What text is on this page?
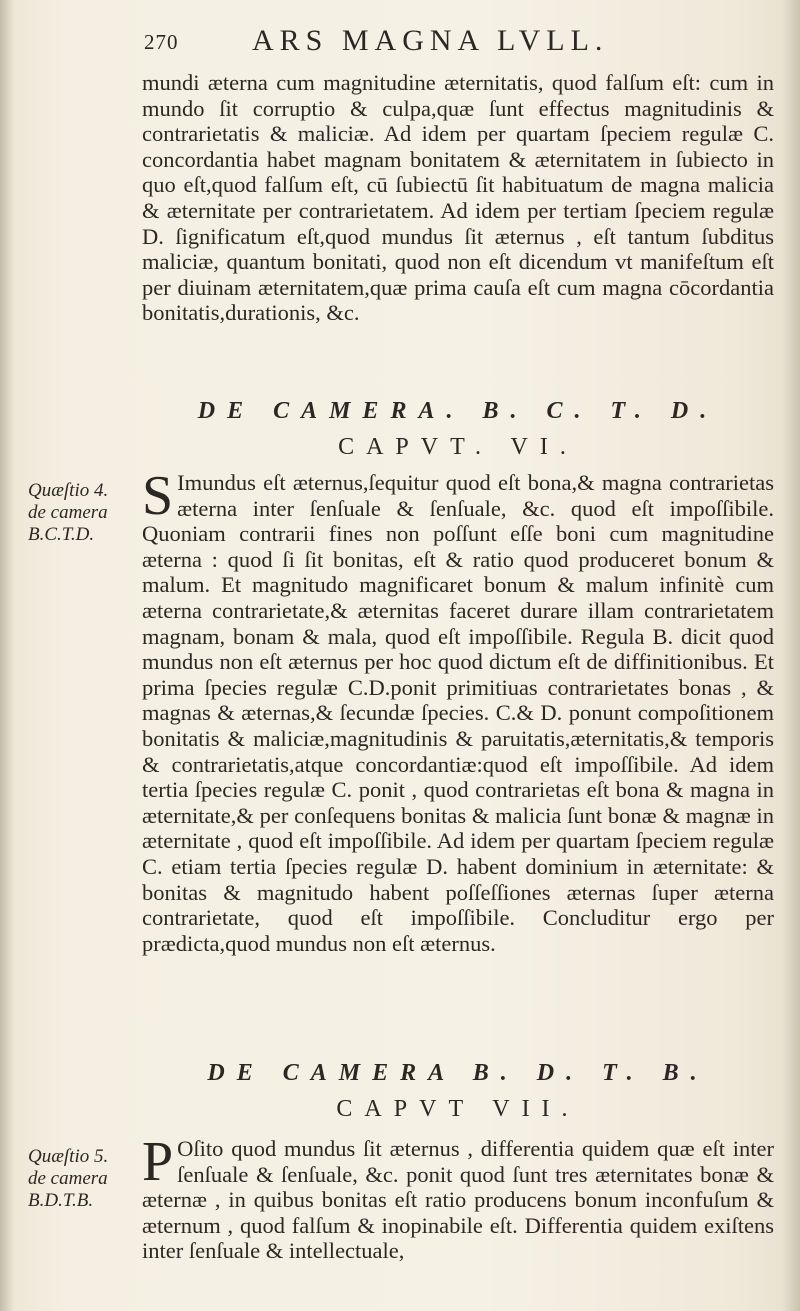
270 ARS MAGNA LVLL.

mundi æterna cum magnitudine æternitatis, quod falſum eſt: cum in mundo ſit corruptio & culpa,quæ ſunt effectus magnitudinis & contrarietatis & maliciæ. Ad idem per quartam ſpeciem regulæ C. concordantia habet magnam bonitatem & æternitatem in ſubiecto in quo eſt,quod falſum eſt, cū ſubiectū ſit habituatum de magna malicia & æternitate per contrarietatem. Ad idem per tertiam ſpeciem regulæ D. ſignificatum eſt,quod mundus ſit æternus , eſt tantum ſubditus maliciæ, quantum bonitati, quod non eſt dicendum vt manifeſtum eſt per diuinam æternitatem,quæ prima cauſa eſt cum magna cōcordantia bonitatis,durationis, &c.

DE CAMERA. B. C. T. D.
CAPVT. VI.
Quæſtio 4.
de camera
B.C.T.D.
S Imundus eſt æternus,ſequitur quod eſt bona,& magna contrarietas æterna inter ſenſuale & ſenſuale, &c. quod eſt impoſſibile. Quoniam contrarii fines non poſſunt eſſe boni cum magnitudine æterna : quod ſi ſit bonitas, eſt & ratio quod produceret bonum & malum. Et magnitudo magnificaret bonum & malum infinitè cum æterna contrarietate,& æternitas faceret durare illam contrarietatem magnam, bonam & mala, quod eſt impoſſibile. Regula B. dicit quod mundus non eſt æternus per hoc quod dictum eſt de diffinitionibus. Et prima ſpecies regulæ C.D.ponit primitiuas contrarietates bonas , & magnas & æternas,& ſecundæ ſpecies. C.& D. ponunt compoſitionem bonitatis & maliciæ,magnitudinis & paruitatis,æternitatis,& temporis & contrarietatis,atque concordantiæ:quod eſt impoſſibile. Ad idem tertia ſpecies regulæ C. ponit , quod contrarietas eſt bona & magna in æternitate,& per conſequens bonitas & malicia ſunt bonæ & magnæ in æternitate , quod eſt impoſſibile. Ad idem per quartam ſpeciem regulæ C. etiam tertia ſpecies regulæ D. habent dominium in æternitate: & bonitas & magnitudo habent poſſeſſiones æternas ſuper æterna contrarietate, quod eſt impoſſibile. Concluditur ergo per prædicta,quod mundus non eſt æternus.

DE CAMERA B. D. T. B.
CAPVT VII.
Quæſtio 5.
de camera
B.D.T.B.
P Oſito quod mundus ſit æternus , differentia quidem quæ eſt inter ſenſuale & ſenſuale, &c. ponit quod ſunt tres æternitates bonæ & æternæ , in quibus bonitas eſt ratio producens bonum inconfuſum & æternum , quod falſum & inopinabile eſt. Differentia quidem exiſtens inter ſenſuale & intellectuale,
